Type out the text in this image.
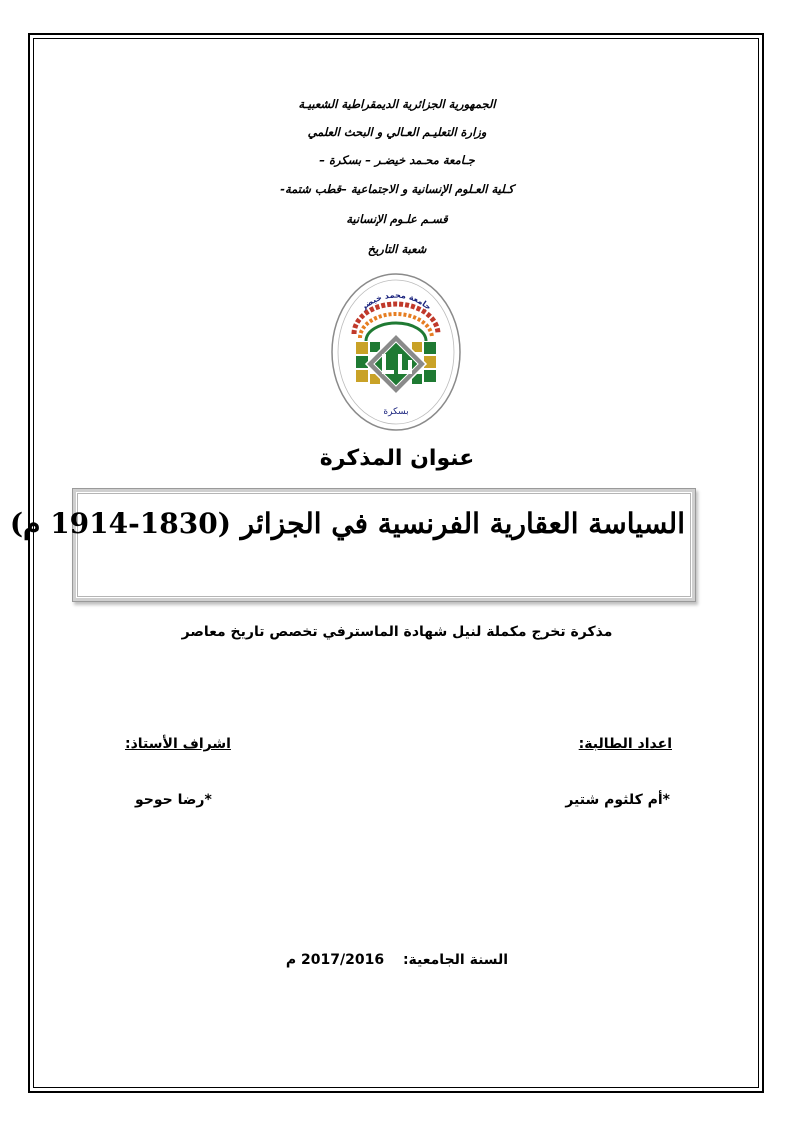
الجمهورية الجزائرية الديمقراطية الشعبيـة
وزارة التعليـم العـالي و البحث العلمي
جـامعة محـمد خيضـر – بسكرة –
كـلية العـلوم الإنسانية و الاجتماعية –قطب شتمة-
قسـم علـوم الإنسانية
شعبة التاريخ
جامعة محمد خيضر
بسكرة
عنوان المذكرة
السياسة العقارية الفرنسية في الجزائر (1830-1914 م)
مذكرة تخرج مكملة لنيل شهادة الماسترفي تخصص تاريخ معاصر
اعداد الطالبة:
اشراف الأستاذ:
*أم كلثوم شتير
*رضا حوحو
السنة الجامعية: 2017/2016 م
